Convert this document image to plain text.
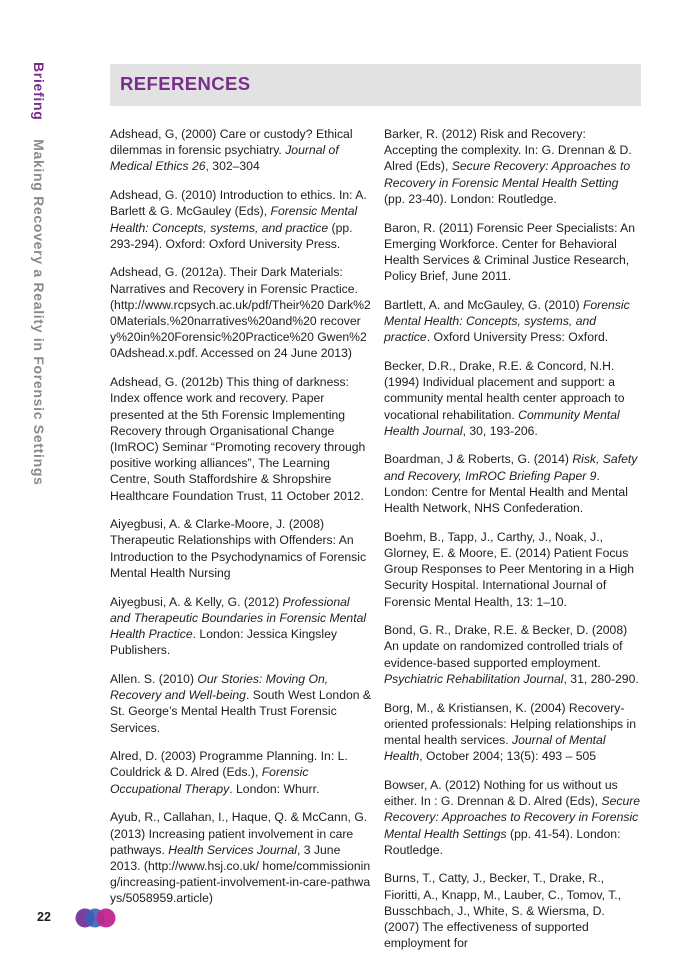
Briefing Making Recovery a Reality in Forensic Settings
REFERENCES

Adshead, G, (2000) Care or custody? Ethical dilemmas in forensic psychiatry. Journal of Medical Ethics 26, 302–304

Adshead, G. (2010) Introduction to ethics. In: A. Barlett & G. McGauley (Eds), Forensic Mental Health: Concepts, systems, and practice (pp. 293-294). Oxford: Oxford University Press.

Adshead, G. (2012a). Their Dark Materials: Narratives and Recovery in Forensic Practice. (http://www.rcpsych.ac.uk/pdf/Their%20 Dark%20Materials.%20narratives%20and%20 recovery%20in%20Forensic%20Practice%20 Gwen%20Adshead.x.pdf. Accessed on 24 June 2013)

Adshead, G. (2012b) This thing of darkness: Index offence work and recovery. Paper presented at the 5th Forensic Implementing Recovery through Organisational Change (ImROC) Seminar “Promoting recovery through positive working alliances”, The Learning Centre, South Staffordshire & Shropshire Healthcare Foundation Trust, 11 October 2012.

Aiyegbusi, A. & Clarke-Moore, J. (2008) Therapeutic Relationships with Offenders: An Introduction to the Psychodynamics of Forensic Mental Health Nursing

Aiyegbusi, A. & Kelly, G. (2012) Professional and Therapeutic Boundaries in Forensic Mental Health Practice. London: Jessica Kingsley Publishers.

Allen. S. (2010) Our Stories: Moving On, Recovery and Well-being. South West London & St. George’s Mental Health Trust Forensic Services.

Alred, D. (2003) Programme Planning. In: L. Couldrick & D. Alred (Eds.), Forensic Occupational Therapy. London: Whurr.

Ayub, R., Callahan, I., Haque, Q. & McCann, G. (2013) Increasing patient involvement in care pathways. Health Services Journal, 3 June 2013. (http://www.hsj.co.uk/ home/commissioning/increasing-patient-involvement-in-care-pathways/5058959.article)

Barker, R. (2012) Risk and Recovery: Accepting the complexity. In: G. Drennan & D. Alred (Eds), Secure Recovery: Approaches to Recovery in Forensic Mental Health Setting (pp. 23-40). London: Routledge.

Baron, R. (2011) Forensic Peer Specialists: An Emerging Workforce. Center for Behavioral Health Services & Criminal Justice Research, Policy Brief, June 2011.

Bartlett, A. and McGauley, G. (2010) Forensic Mental Health: Concepts, systems, and practice. Oxford University Press: Oxford.

Becker, D.R., Drake, R.E. & Concord, N.H. (1994) Individual placement and support: a community mental health center approach to vocational rehabilitation. Community Mental Health Journal, 30, 193-206.

Boardman, J & Roberts, G. (2014) Risk, Safety and Recovery, ImROC Briefing Paper 9. London: Centre for Mental Health and Mental Health Network, NHS Confederation.

Boehm, B., Tapp, J., Carthy, J., Noak, J., Glorney, E. & Moore, E. (2014) Patient Focus Group Responses to Peer Mentoring in a High Security Hospital. International Journal of Forensic Mental Health, 13: 1–10.

Bond, G. R., Drake, R.E. & Becker, D. (2008) An update on randomized controlled trials of evidence-based supported employment. Psychiatric Rehabilitation Journal, 31, 280-290.

Borg, M., & Kristiansen, K. (2004) Recovery-oriented professionals: Helping relationships in mental health services. Journal of Mental Health, October 2004; 13(5): 493 – 505

Bowser, A. (2012) Nothing for us without us either. In : G. Drennan & D. Alred (Eds), Secure Recovery: Approaches to Recovery in Forensic Mental Health Settings (pp. 41-54). London: Routledge.

Burns, T., Catty, J., Becker, T., Drake, R., Fioritti, A., Knapp, M., Lauber, C., Tomov, T., Busschbach, J., White, S. & Wiersma, D. (2007) The effectiveness of supported employment for

22
